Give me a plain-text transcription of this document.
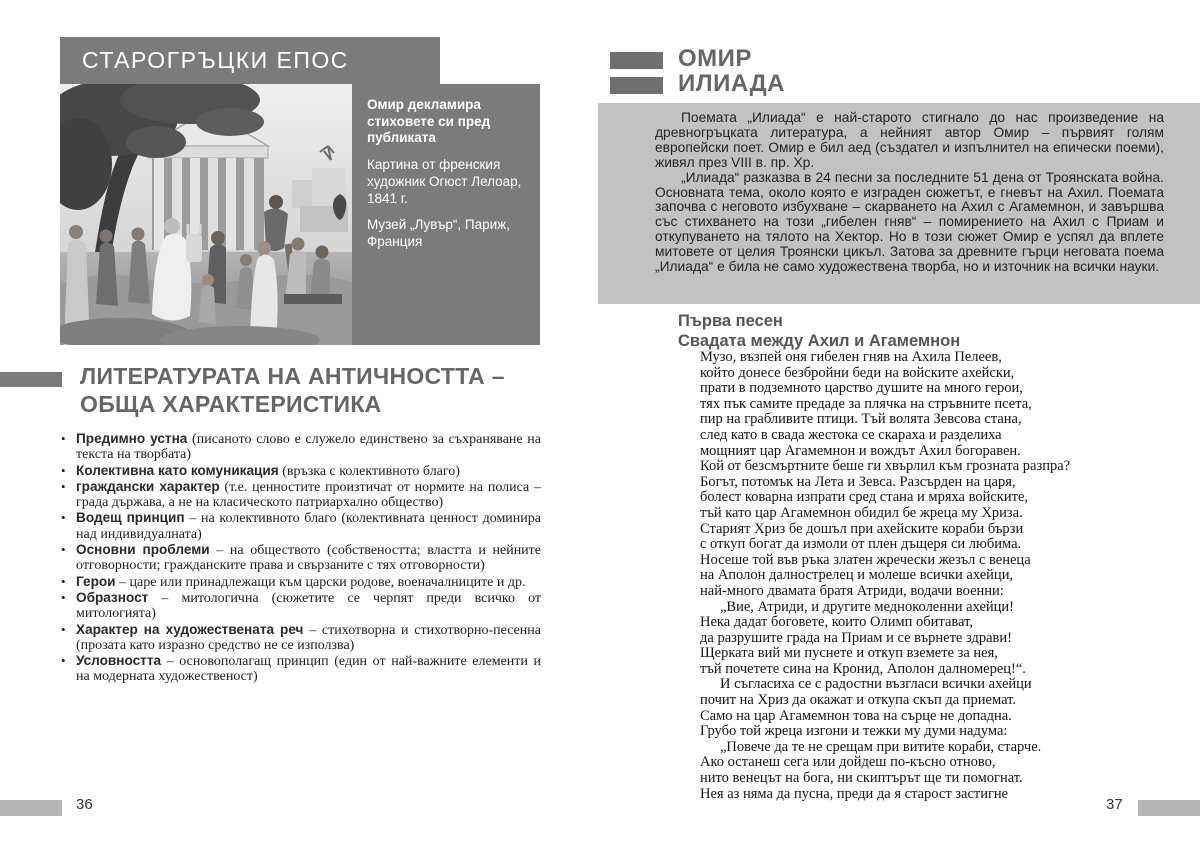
СТАРОГРЪЦКИ ЕПОС

Омир декламира стиховете си пред публиката

Картина от френския художник Огюст Лелоар, 1841 г.

Музей „Лувър“, Париж, Франция

ЛИТЕРАТУРАТА НА АНТИЧНОСТТА –
ОБЩА ХАРАКТЕРИСТИКА
• Предимно устна (писаното слово е служело единствено за съхраняване на текста на творбата)
• Колективна като комуникация (връзка с колективното благо)
• граждански характер (т.е. ценностите произтичат от нормите на полиса – града държава, а не на класическото патриархално общество)
• Водещ принцип – на колективното благо (колективната ценност доминира над индивидуалната)
• Основни проблеми – на обществото (собствеността; властта и нейните отговорности; гражданските права и свързаните с тях отговорности)
• Герои – царе или принадлежащи към царски родове, военачалниците и др.
• Образност – митологична (сюжетите се черпят преди всичко от митологията)
• Характер на художествената реч – стихотворна и стихотворно-песенна (прозата като изразно средство не се използва)
• Условността – основополагащ принцип (един от най-важните елементи и на модерната художественост)
36
ОМИР
ИЛИАДА

Поемата „Илиада“ е най-старото стигнало до нас произведение на древногръцката литература, а нейният автор Омир – първият голям европейски поет. Омир е бил аед (създател и изпълнител на епически поеми), живял през VIII в. пр. Хр.

„Илиада“ разказва в 24 песни за последните 51 дена от Троянската война. Основната тема, около която е изграден сюжетът, е гневът на Ахил. Поемата започва с неговото избухване – скарването на Ахил с Агамемнон, и завършва със стихването на този „гибелен гняв“ – помирението на Ахил с Приам и откупуването на тялото на Хектор. Но в този сюжет Омир е успял да вплете митовете от целия Троянски цикъл. Затова за древните гърци неговата поема „Илиада“ е била не само художествена творба, но и източник на всички науки.

Първа песен
Свадата между Ахил и Агамемнон
Музо, възпей оня гибелен гняв на Ахила Пелеев,
който донесе безбройни беди на войските ахейски,
прати в подземното царство душите на много герои,
тях пък самите предаде за плячка на стръвните псета,
пир на грабливите птици. Тъй волята Зевсова стана,
след като в свада жестока се скараха и разделиха
мощният цар Агамемнон и вождът Ахил богоравен.
Кой от безсмъртните беше ги хвърлил към грозната разпра?
Богът, потомък на Лета и Зевса. Разсърден на царя,
болест коварна изпрати сред стана и мряха войските,
тъй като цар Агамемнон обидил бе жреца му Хриза.
Старият Хриз бе дошъл при ахейските кораби бързи
с откуп богат да измоли от плен дъщеря си любима.
Носеше той във ръка златен жречески жезъл с венеца
на Аполон далнострелец и молеше всички ахейци,
най-много двамата братя Атриди, водачи военни:
„Вие, Атриди, и другите медноколенни ахейци!
Нека дадат боговете, които Олимп обитават,
да разрушите града на Приам и се върнете здрави!
Щерката вий ми пуснете и откуп вземете за нея,
тъй почетете сина на Кронид, Аполон далномерец!“.
И съгласиха се с радостни възгласи всички ахейци
почит на Хриз да окажат и откупа скъп да приемат.
Само на цар Агамемнон това на сърце не допадна.
Грубо той жреца изгони и тежки му думи надума:
„Повече да те не срещам при витите кораби, старче.
Ако останеш сега или дойдеш по-късно отново,
нито венецът на бога, ни скиптърът ще ти помогнат.
Нея аз няма да пусна, преди да я старост застигне
37
